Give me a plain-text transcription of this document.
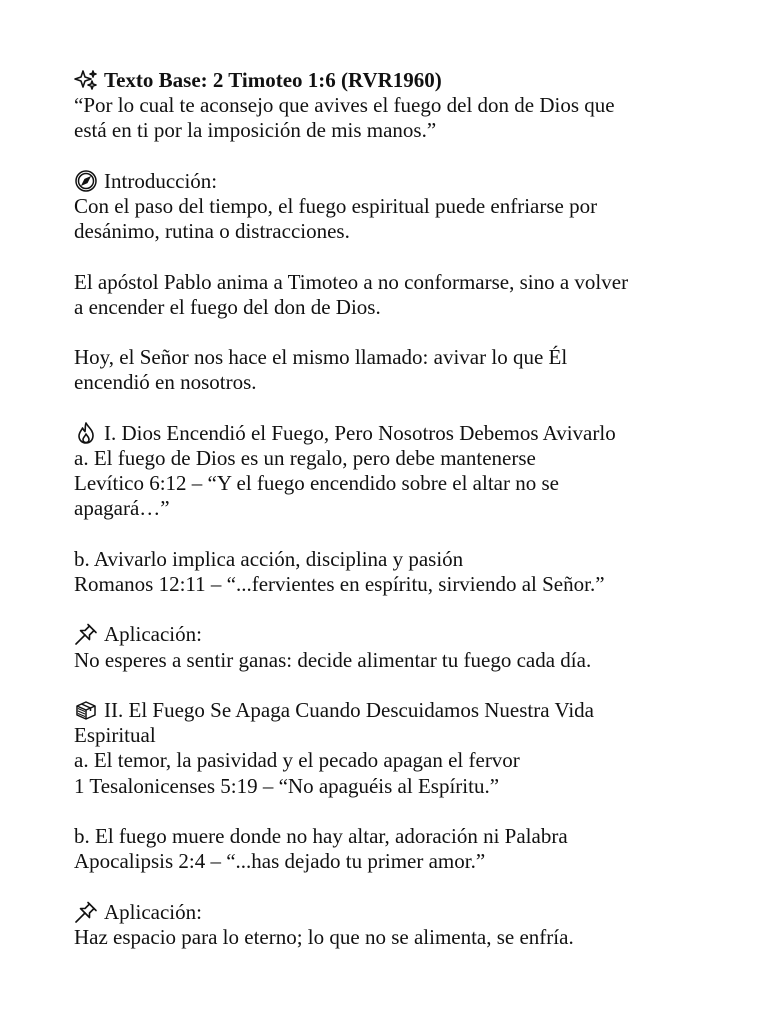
Texto Base: 2 Timoteo 1:6 (RVR1960)
“Por lo cual te aconsejo que avives el fuego del don de Dios que
está en ti por la imposición de mis manos.”
Introducción:
Con el paso del tiempo, el fuego espiritual puede enfriarse por
desánimo, rutina o distracciones.
El apóstol Pablo anima a Timoteo a no conformarse, sino a volver
a encender el fuego del don de Dios.
Hoy, el Señor nos hace el mismo llamado: avivar lo que Él
encendió en nosotros.
I. Dios Encendió el Fuego, Pero Nosotros Debemos Avivarlo
a. El fuego de Dios es un regalo, pero debe mantenerse
Levítico 6:12 – “Y el fuego encendido sobre el altar no se
apagará…”
b. Avivarlo implica acción, disciplina y pasión
Romanos 12:11 – “...fervientes en espíritu, sirviendo al Señor.”
Aplicación:
No esperes a sentir ganas: decide alimentar tu fuego cada día.
II. El Fuego Se Apaga Cuando Descuidamos Nuestra Vida
Espiritual
a. El temor, la pasividad y el pecado apagan el fervor
1 Tesalonicenses 5:19 – “No apaguéis al Espíritu.”
b. El fuego muere donde no hay altar, adoración ni Palabra
Apocalipsis 2:4 – “...has dejado tu primer amor.”
Aplicación:
Haz espacio para lo eterno; lo que no se alimenta, se enfría.
